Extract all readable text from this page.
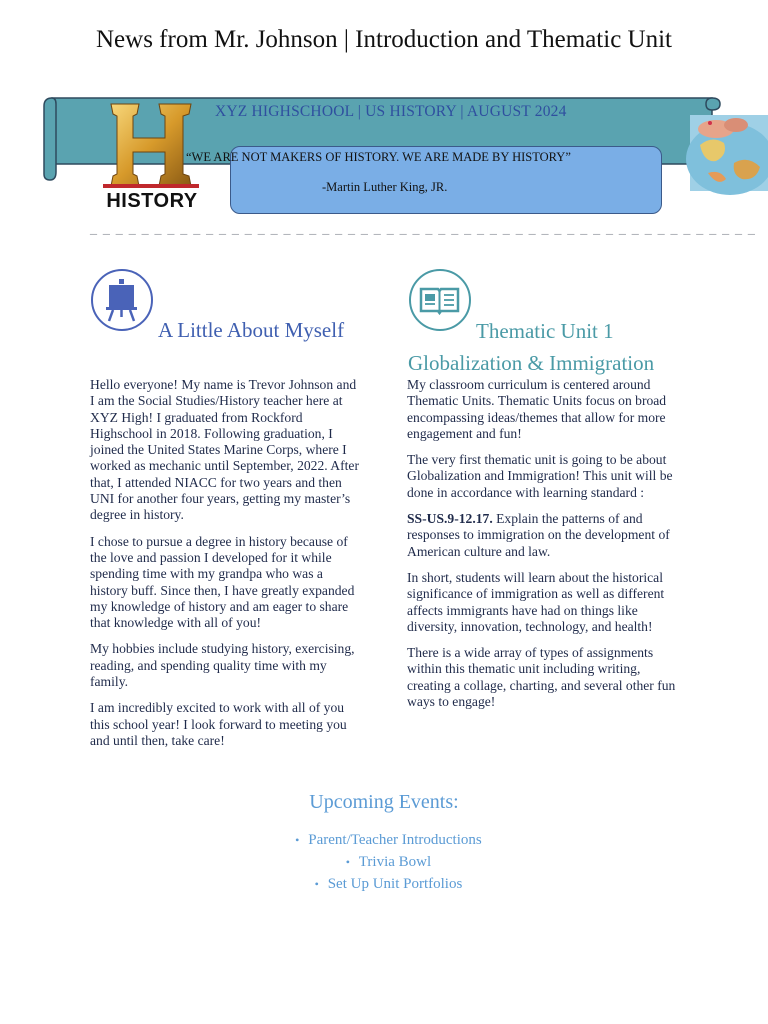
News from Mr. Johnson | Introduction and Thematic Unit
XYZ HIGHSCHOOL | US HISTORY | AUGUST 2024
HISTORY
“WE ARE NOT MAKERS OF HISTORY. WE ARE MADE BY HISTORY”
-Martin Luther King, JR.
_ _ _ _ _ _ _ _ _ _ _ _ _ _ _ _ _ _ _ _ _ _ _ _ _ _ _ _ _ _ _ _ _ _ _ _ _ _ _ _ _ _ _ _ _ _ _ _ _ _ _ _
A Little About Myself

Hello everyone! My name is Trevor Johnson and I am the Social Studies/History teacher here at XYZ High! I graduated from Rockford Highschool in 2018. Following graduation, I joined the United States Marine Corps, where I worked as mechanic until September, 2022. After that, I attended NIACC for two years and then UNI for another four years, getting my master’s degree in history.

I chose to pursue a degree in history because of the love and passion I developed for it while spending time with my grandpa who was a history buff. Since then, I have greatly expanded my knowledge of history and am eager to share that knowledge with all of you!

My hobbies include studying history, exercising, reading, and spending quality time with my family.

I am incredibly excited to work with all of you this school year! I look forward to meeting you and until then, take care!

Thematic Unit 1
Globalization & Immigration

My classroom curriculum is centered around Thematic Units. Thematic Units focus on broad encompassing ideas/themes that allow for more engagement and fun!

The very first thematic unit is going to be about Globalization and Immigration! This unit will be done in accordance with learning standard :

SS-US.9-12.17. Explain the patterns of and responses to immigration on the development of American culture and law.

In short, students will learn about the historical significance of immigration as well as different affects immigrants have had on things like diversity, innovation, technology, and health!

There is a wide array of types of assignments within this thematic unit including writing, creating a collage, charting, and several other fun ways to engage!

Upcoming Events:
• Parent/Teacher Introductions
• Trivia Bowl
• Set Up Unit Portfolios
